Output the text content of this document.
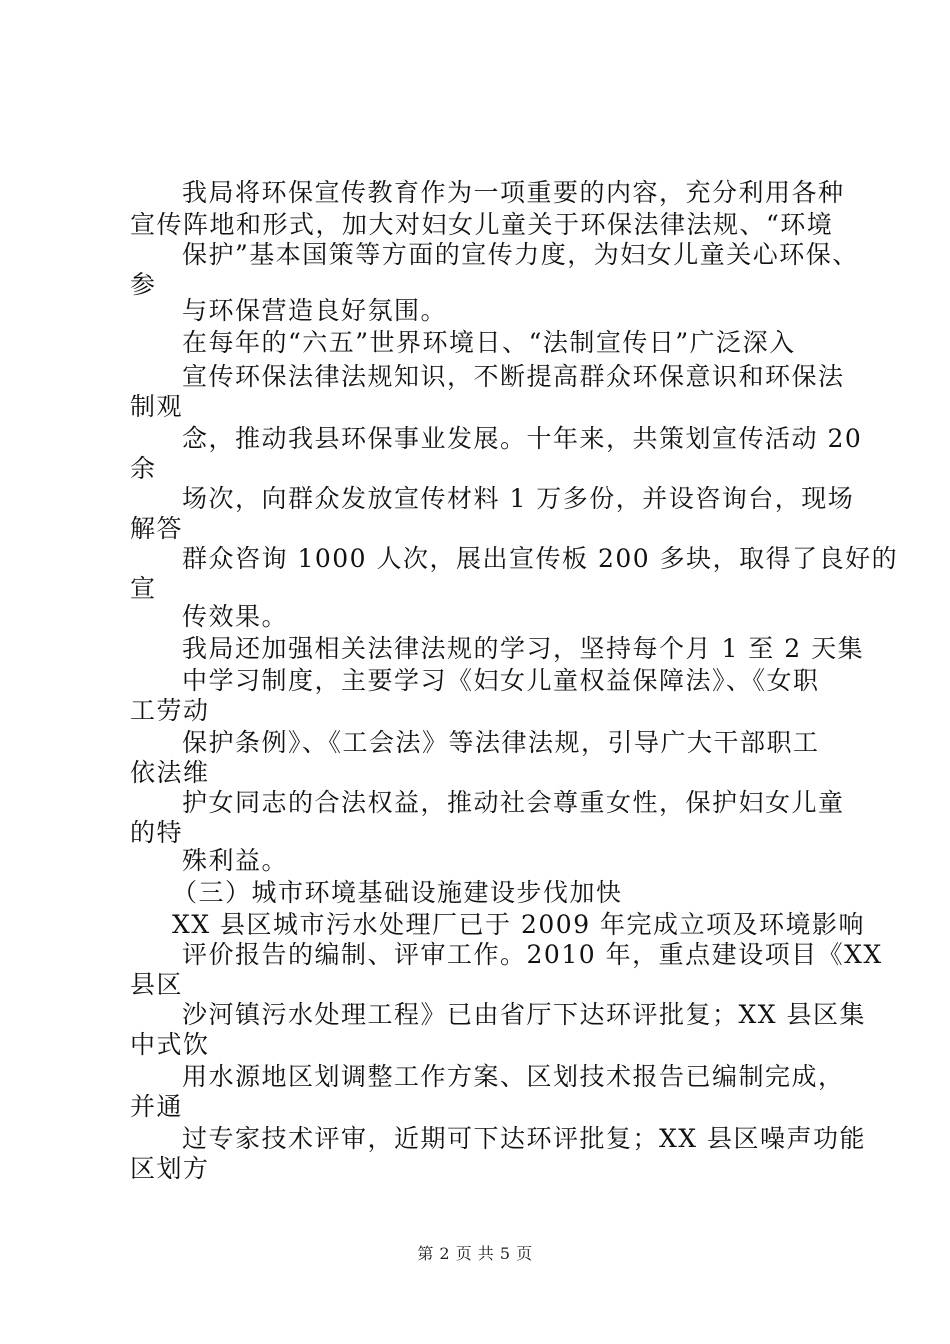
我局将环保宣传教育作为一项重要的内容，充分利用各种
宣传阵地和形式，加大对妇女儿童关于环保法律法规、“环境
保护”基本国策等方面的宣传力度，为妇女儿童关心环保、
参
与环保营造良好氛围。
在每年的“六五”世界环境日、“法制宣传日”广泛深入
宣传环保法律法规知识，不断提高群众环保意识和环保法
制观
念，推动我县环保事业发展。十年来，共策划宣传活动 20
余
场次，向群众发放宣传材料 1 万多份，并设咨询台，现场
解答
群众咨询 1000 人次，展出宣传板 200 多块，取得了良好的
宣
传效果。
我局还加强相关法律法规的学习，坚持每个月 1 至 2 天集
中学习制度，主要学习《妇女儿童权益保障法》、《女职
工劳动
保护条例》、《工会法》等法律法规，引导广大干部职工
依法维
护女同志的合法权益，推动社会尊重女性，保护妇女儿童
的特
殊利益。
（三）城市环境基础设施建设步伐加快
XX 县区城市污水处理厂已于 2009 年完成立项及环境影响
评价报告的编制、评审工作。2010 年，重点建设项目《XX
县区
沙河镇污水处理工程》已由省厅下达环评批复；XX 县区集
中式饮
用水源地区划调整工作方案、区划技术报告已编制完成，
并通
过专家技术评审，近期可下达环评批复；XX 县区噪声功能
区划方
第 2 页 共 5 页
